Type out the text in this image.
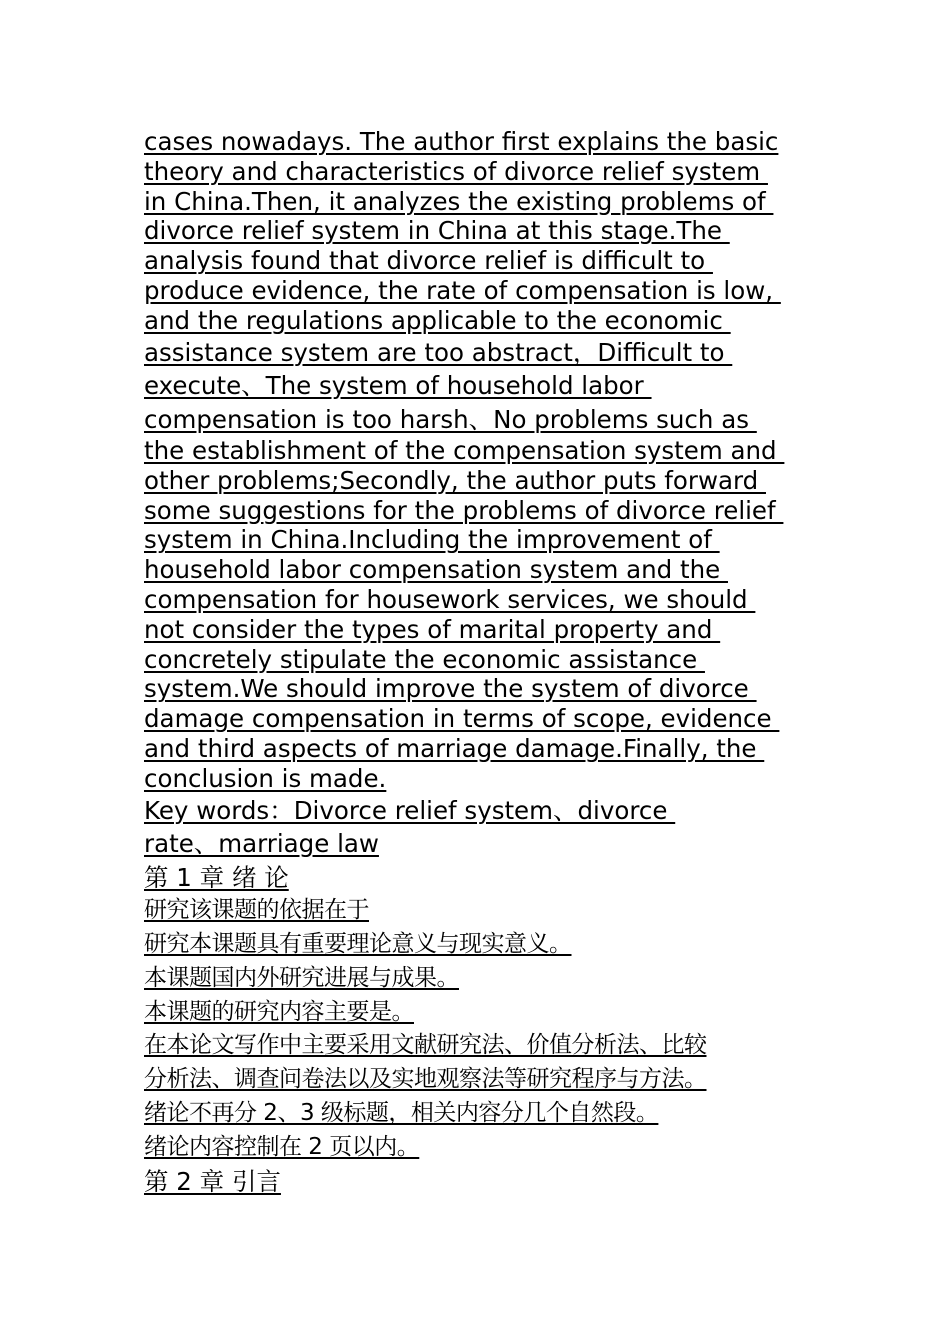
cases nowadays. The author first explains the basic
theory and characteristics of divorce relief system
in China.Then, it analyzes the existing problems of
divorce relief system in China at this stage.The
analysis found that divorce relief is difficult to
produce evidence, the rate of compensation is low,
and the regulations applicable to the economic
assistance system are too abstract，Difficult to
execute、The system of household labor
compensation is too harsh、No problems such as
the establishment of the compensation system and
other problems;Secondly, the author puts forward
some suggestions for the problems of divorce relief
system in China.Including the improvement of
household labor compensation system and the
compensation for housework services, we should
not consider the types of marital property and
concretely stipulate the economic assistance
system.We should improve the system of divorce
damage compensation in terms of scope, evidence
and third aspects of marriage damage.Finally, the
conclusion is made.
Key words：Divorce relief system、divorce
rate、marriage law
第 1 章 绪 论
研究该课题的依据在于
研究本课题具有重要理论意义与现实意义。
本课题国内外研究进展与成果。
本课题的研究内容主要是。
在本论文写作中主要采用文献研究法、价值分析法、比较
分析法、调查问卷法以及实地观察法等研究程序与方法。
绪论不再分 2、3 级标题，相关内容分几个自然段。
绪论内容控制在 2 页以内。
第 2 章 引言
